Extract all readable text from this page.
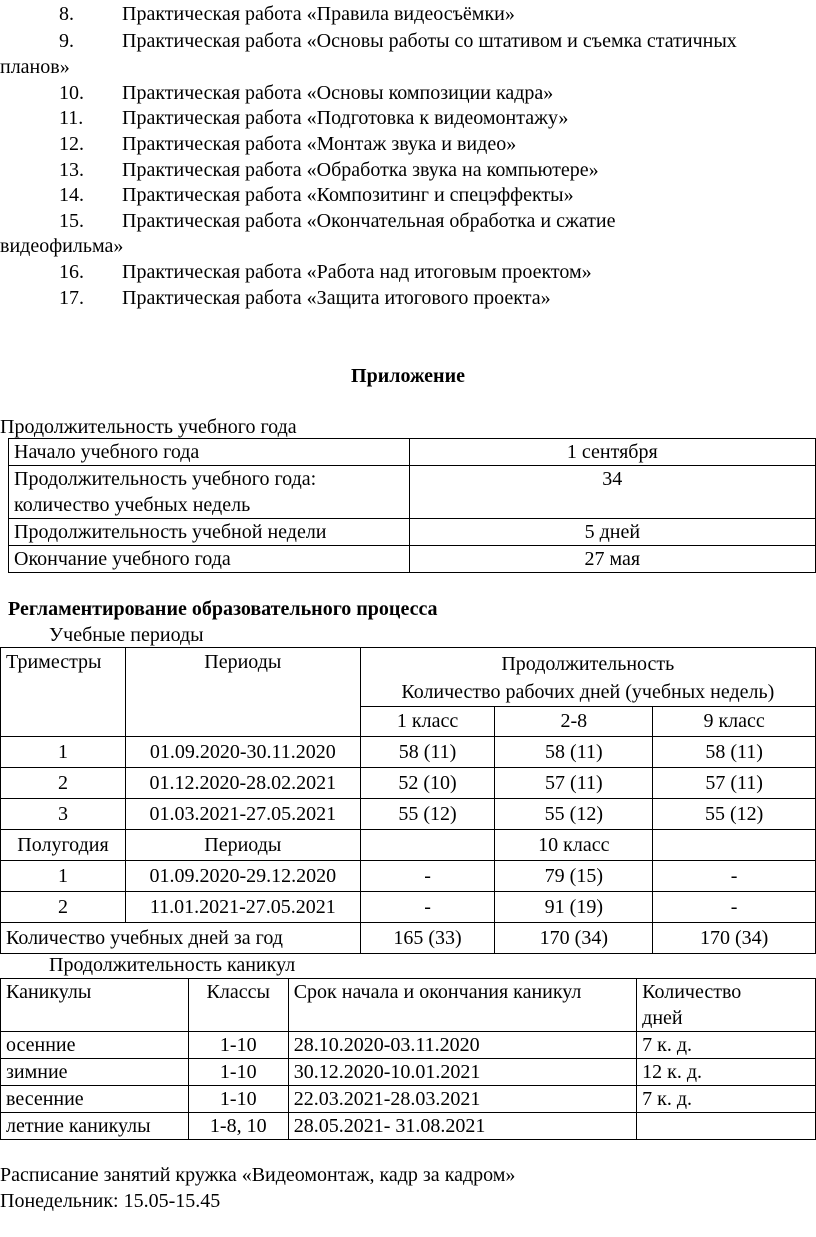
8. Практическая работа «Правила видеосъёмки»
9. Практическая работа «Основы работы со штативом и съемка статичных
планов»
10. Практическая работа «Основы композиции кадра»
11. Практическая работа «Подготовка к видеомонтажу»
12. Практическая работа «Монтаж звука и видео»
13. Практическая работа «Обработка звука на компьютере»
14. Практическая работа «Композитинг и спецэффекты»
15. Практическая работа «Окончательная обработка и сжатие
видеофильма»
16. Практическая работа «Работа над итоговым проектом»
17. Практическая работа «Защита итогового проекта»
Приложение
Продолжительность учебного года
Начало учебного года	1 сентября
Продолжительность учебного года:
количество учебных недель	34
Продолжительность учебной недели	5 дней
Окончание учебного года	27 мая
Регламентирование образовательного процесса
Учебные периоды
Триместры	Периоды	Продолжительность
Количество рабочих дней (учебных недель)		
		1 класс	2-8	9 класс

1	01.09.2020-30.11.2020	58 (11)	58 (11)	58 (11)
2	01.12.2020-28.02.2021	52 (10)	57 (11)	57 (11)
3	01.03.2021-27.05.2021	55 (12)	55 (12)	55 (12)
Полугодия	Периоды		10 класс	
1	01.09.2020-29.12.2020	-	79 (15)	-
2	11.01.2021-27.05.2021	-	91 (19)	-
Количество учебных дней за год		165 (33)	170 (34)	170 (34)
Продолжительность каникул
Каникулы	Классы	Срок начала и окончания каникул	Количество
дней
осенние	1-10	28.10.2020-03.11.2020	7 к. д.
зимние	1-10	30.12.2020-10.01.2021	12 к. д.
весенние	1-10	22.03.2021-28.03.2021	7 к. д.
летние каникулы	1-8, 10	28.05.2021- 31.08.2021	
Расписание занятий кружка «Видеомонтаж, кадр за кадром»
Понедельник: 15.05-15.45
